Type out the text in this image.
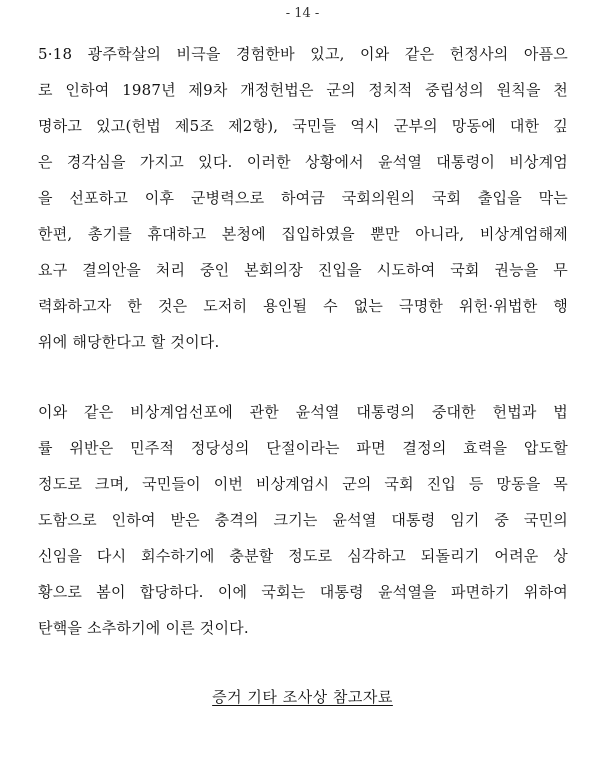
- 14 -
5·18 광주학살의 비극을 경험한바 있고, 이와 같은 헌정사의 아픔으
로 인하여 1987년 제9차 개정헌법은 군의 정치적 중립성의 원칙을 천
명하고 있고(헌법 제5조 제2항), 국민들 역시 군부의 망동에 대한 깊
은 경각심을 가지고 있다. 이러한 상황에서 윤석열 대통령이 비상계엄
을 선포하고 이후 군병력으로 하여금 국회의원의 국회 출입을 막는
한편, 총기를 휴대하고 본청에 집입하였을 뿐만 아니라, 비상계엄해제
요구 결의안을 처리 중인 본회의장 진입을 시도하여 국회 권능을 무
력화하고자 한 것은 도저히 용인될 수 없는 극명한 위헌·위법한 행
위에 해당한다고 할 것이다.
이와 같은 비상계엄선포에 관한 윤석열 대통령의 중대한 헌법과 법
률 위반은 민주적 정당성의 단절이라는 파면 결정의 효력을 압도할
정도로 크며, 국민들이 이번 비상계엄시 군의 국회 진입 등 망동을 목
도함으로 인하여 받은 충격의 크기는 윤석열 대통령 임기 중 국민의
신임을 다시 회수하기에 충분할 정도로 심각하고 되돌리기 어려운 상
황으로 봄이 합당하다. 이에 국회는 대통령 윤석열을 파면하기 위하여
탄핵을 소추하기에 이른 것이다.
증거 기타 조사상 참고자료
